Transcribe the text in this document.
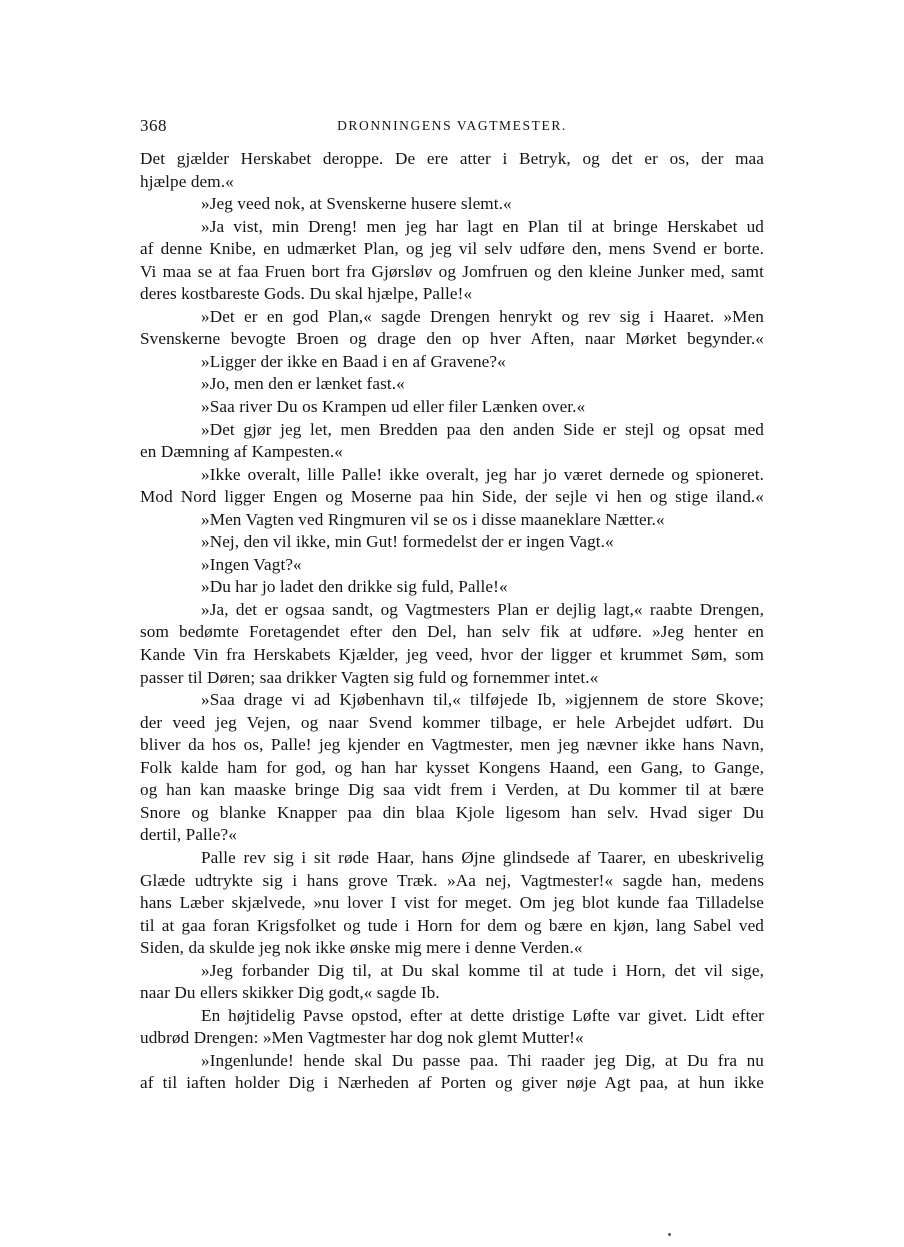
368	DRONNINGENS VAGTMESTER.
Det gjælder Herskabet deroppe. De ere atter i Betryk, og det er os, der maa
hjælpe dem.«
»Jeg veed nok, at Svenskerne husere slemt.«
»Ja vist, min Dreng! men jeg har lagt en Plan til at bringe Herskabet ud
af denne Knibe, en udmærket Plan, og jeg vil selv udføre den, mens Svend er borte.
Vi maa se at faa Fruen bort fra Gjørsløv og Jomfruen og den kleine Junker med, samt
deres kostbareste Gods. Du skal hjælpe, Palle!«
»Det er en god Plan,« sagde Drengen henrykt og rev sig i Haaret. »Men
Svenskerne bevogte Broen og drage den op hver Aften, naar Mørket begynder.«
»Ligger der ikke en Baad i en af Gravene?«
»Jo, men den er lænket fast.«
»Saa river Du os Krampen ud eller filer Lænken over.«
»Det gjør jeg let, men Bredden paa den anden Side er stejl og opsat med
en Dæmning af Kampesten.«
»Ikke overalt, lille Palle! ikke overalt, jeg har jo været dernede og spioneret.
Mod Nord ligger Engen og Moserne paa hin Side, der sejle vi hen og stige iland.«
»Men Vagten ved Ringmuren vil se os i disse maaneklare Nætter.«
»Nej, den vil ikke, min Gut! formedelst der er ingen Vagt.«
»Ingen Vagt?«
»Du har jo ladet den drikke sig fuld, Palle!«
»Ja, det er ogsaa sandt, og Vagtmesters Plan er dejlig lagt,« raabte Drengen,
som bedømte Foretagendet efter den Del, han selv fik at udføre. »Jeg henter en
Kande Vin fra Herskabets Kjælder, jeg veed, hvor der ligger et krummet Søm, som
passer til Døren; saa drikker Vagten sig fuld og fornemmer intet.«
»Saa drage vi ad Kjøbenhavn til,« tilføjede Ib, »igjennem de store Skove;
der veed jeg Vejen, og naar Svend kommer tilbage, er hele Arbejdet udført. Du
bliver da hos os, Palle! jeg kjender en Vagtmester, men jeg nævner ikke hans Navn,
Folk kalde ham for god, og han har kysset Kongens Haand, een Gang, to Gange,
og han kan maaske bringe Dig saa vidt frem i Verden, at Du kommer til at bære
Snore og blanke Knapper paa din blaa Kjole ligesom han selv. Hvad siger Du
dertil, Palle?«
Palle rev sig i sit røde Haar, hans Øjne glindsede af Taarer, en ubeskrivelig
Glæde udtrykte sig i hans grove Træk. »Aa nej, Vagtmester!« sagde han, medens
hans Læber skjælvede, »nu lover I vist for meget. Om jeg blot kunde faa Tilladelse
til at gaa foran Krigsfolket og tude i Horn for dem og bære en kjøn, lang Sabel ved
Siden, da skulde jeg nok ikke ønske mig mere i denne Verden.«
»Jeg forbander Dig til, at Du skal komme til at tude i Horn, det vil sige,
naar Du ellers skikker Dig godt,« sagde Ib.
En højtidelig Pavse opstod, efter at dette dristige Løfte var givet. Lidt efter
udbrød Drengen: »Men Vagtmester har dog nok glemt Mutter!«
»Ingenlunde! hende skal Du passe paa. Thi raader jeg Dig, at Du fra nu
af til iaften holder Dig i Nærheden af Porten og giver nøje Agt paa, at hun ikke
